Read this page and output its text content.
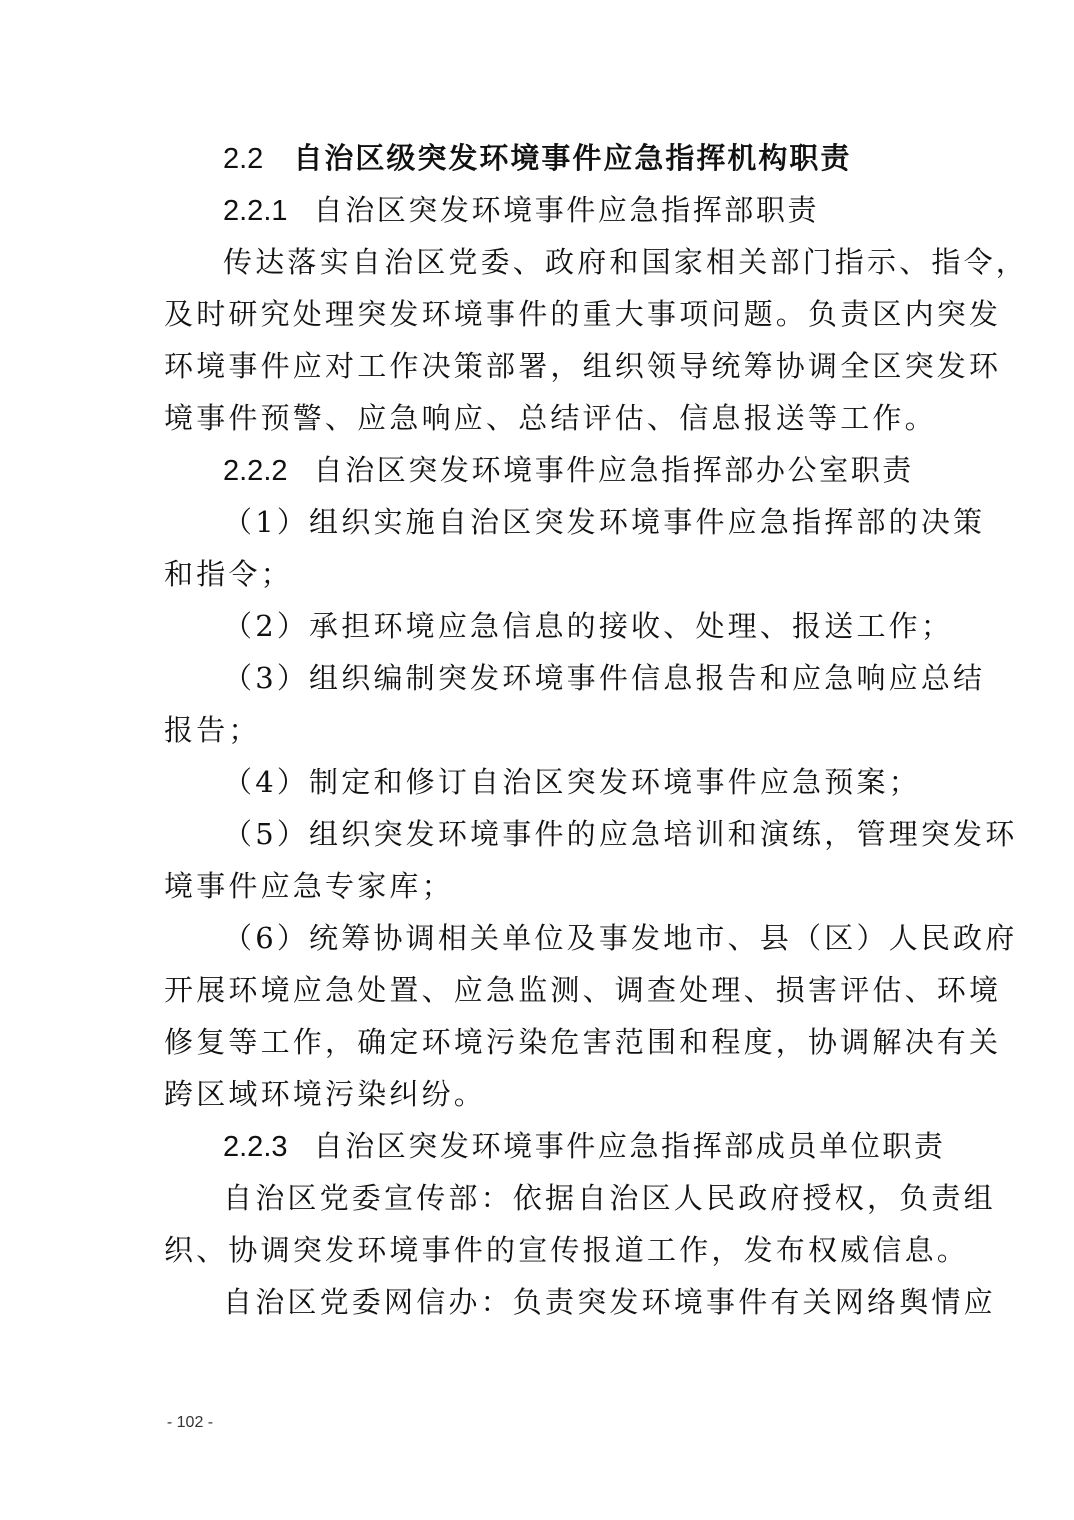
2.2 自治区级突发环境事件应急指挥机构职责
2.2.1 自治区突发环境事件应急指挥部职责
传达落实自治区党委、政府和国家相关部门指示、指令，
及时研究处理突发环境事件的重大事项问题。负责区内突发
环境事件应对工作决策部署，组织领导统筹协调全区突发环
境事件预警、应急响应、总结评估、信息报送等工作。
2.2.2 自治区突发环境事件应急指挥部办公室职责
（1）组织实施自治区突发环境事件应急指挥部的决策
和指令；
（2）承担环境应急信息的接收、处理、报送工作；
（3）组织编制突发环境事件信息报告和应急响应总结
报告；
（4）制定和修订自治区突发环境事件应急预案；
（5）组织突发环境事件的应急培训和演练，管理突发环
境事件应急专家库；
（6）统筹协调相关单位及事发地市、县（区）人民政府
开展环境应急处置、应急监测、调查处理、损害评估、环境
修复等工作，确定环境污染危害范围和程度，协调解决有关
跨区域环境污染纠纷。
2.2.3 自治区突发环境事件应急指挥部成员单位职责
自治区党委宣传部：依据自治区人民政府授权，负责组
织、协调突发环境事件的宣传报道工作，发布权威信息。
自治区党委网信办：负责突发环境事件有关网络舆情应
- 102 -
